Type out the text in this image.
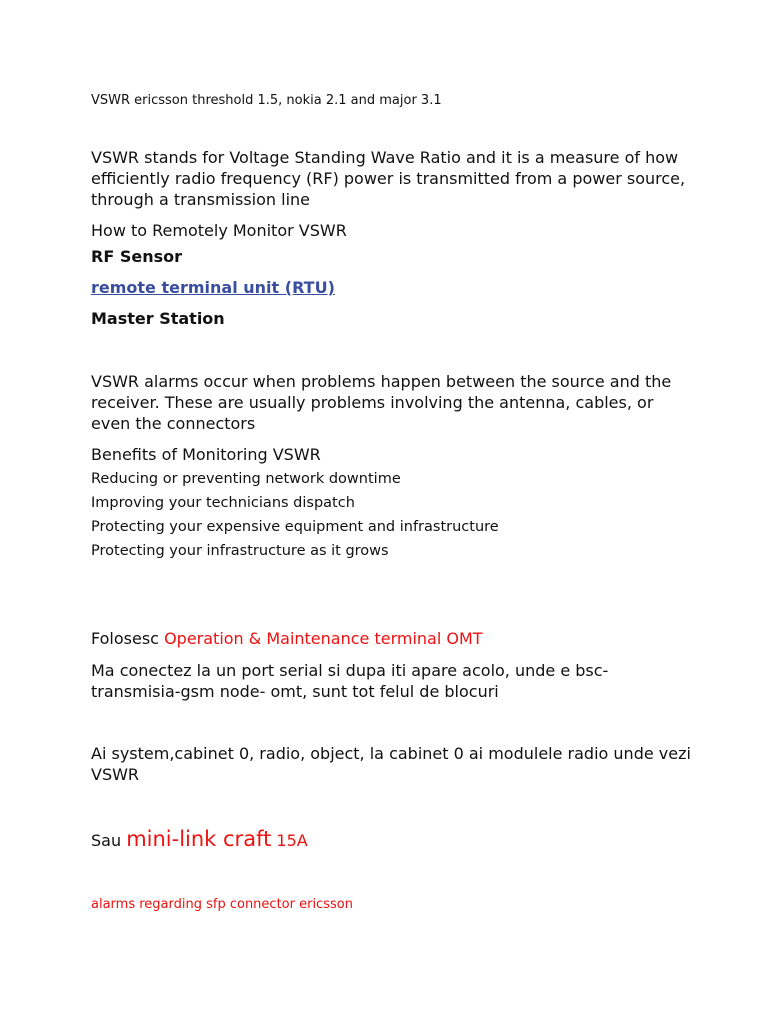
VSWR ericsson threshold 1.5, nokia 2.1 and major 3.1

VSWR stands for Voltage Standing Wave Ratio and it is a measure of how efficiently radio frequency (RF) power is transmitted from a power source, through a transmission line

How to Remotely Monitor VSWR

RF Sensor

remote terminal unit (RTU)

Master Station

VSWR alarms occur when problems happen between the source and the receiver. These are usually problems involving the antenna, cables, or even the connectors

Benefits of Monitoring VSWR

Reducing or preventing network downtime

Improving your technicians dispatch

Protecting your expensive equipment and infrastructure

Protecting your infrastructure as it grows

Folosesc Operation & Maintenance terminal OMT

Ma conectez la un port serial si dupa iti apare acolo, unde e bsc-transmisia-gsm node- omt, sunt tot felul de blocuri

Ai system,cabinet 0, radio, object, la cabinet 0 ai modulele radio unde vezi VSWR

Sau mini-link craft 15A

alarms regarding sfp connector ericsson
